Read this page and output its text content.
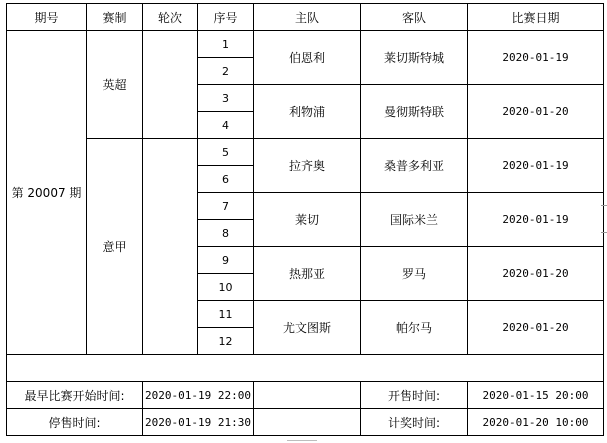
期号	赛制	轮次	序号	主队	客队	比赛日期
第 20007 期	英超		1	伯恩利	莱切斯特城	2020-01-19
			2			
			3	利物浦	曼彻斯特联	2020-01-20
			4			
	意甲		5	拉齐奥	桑普多利亚	2020-01-19
			6			
			7	莱切	国际米兰	2020-01-19
			8			
			9	热那亚	罗马	2020-01-20
			10			
			11	尤文图斯	帕尔马	2020-01-20
			12			

最早比赛开始时间:		2020-01-19 22:00			开售时间:	2020-01-15 20:00
停售时间:		2020-01-19 21:30			计奖时间:	2020-01-20 10:00
